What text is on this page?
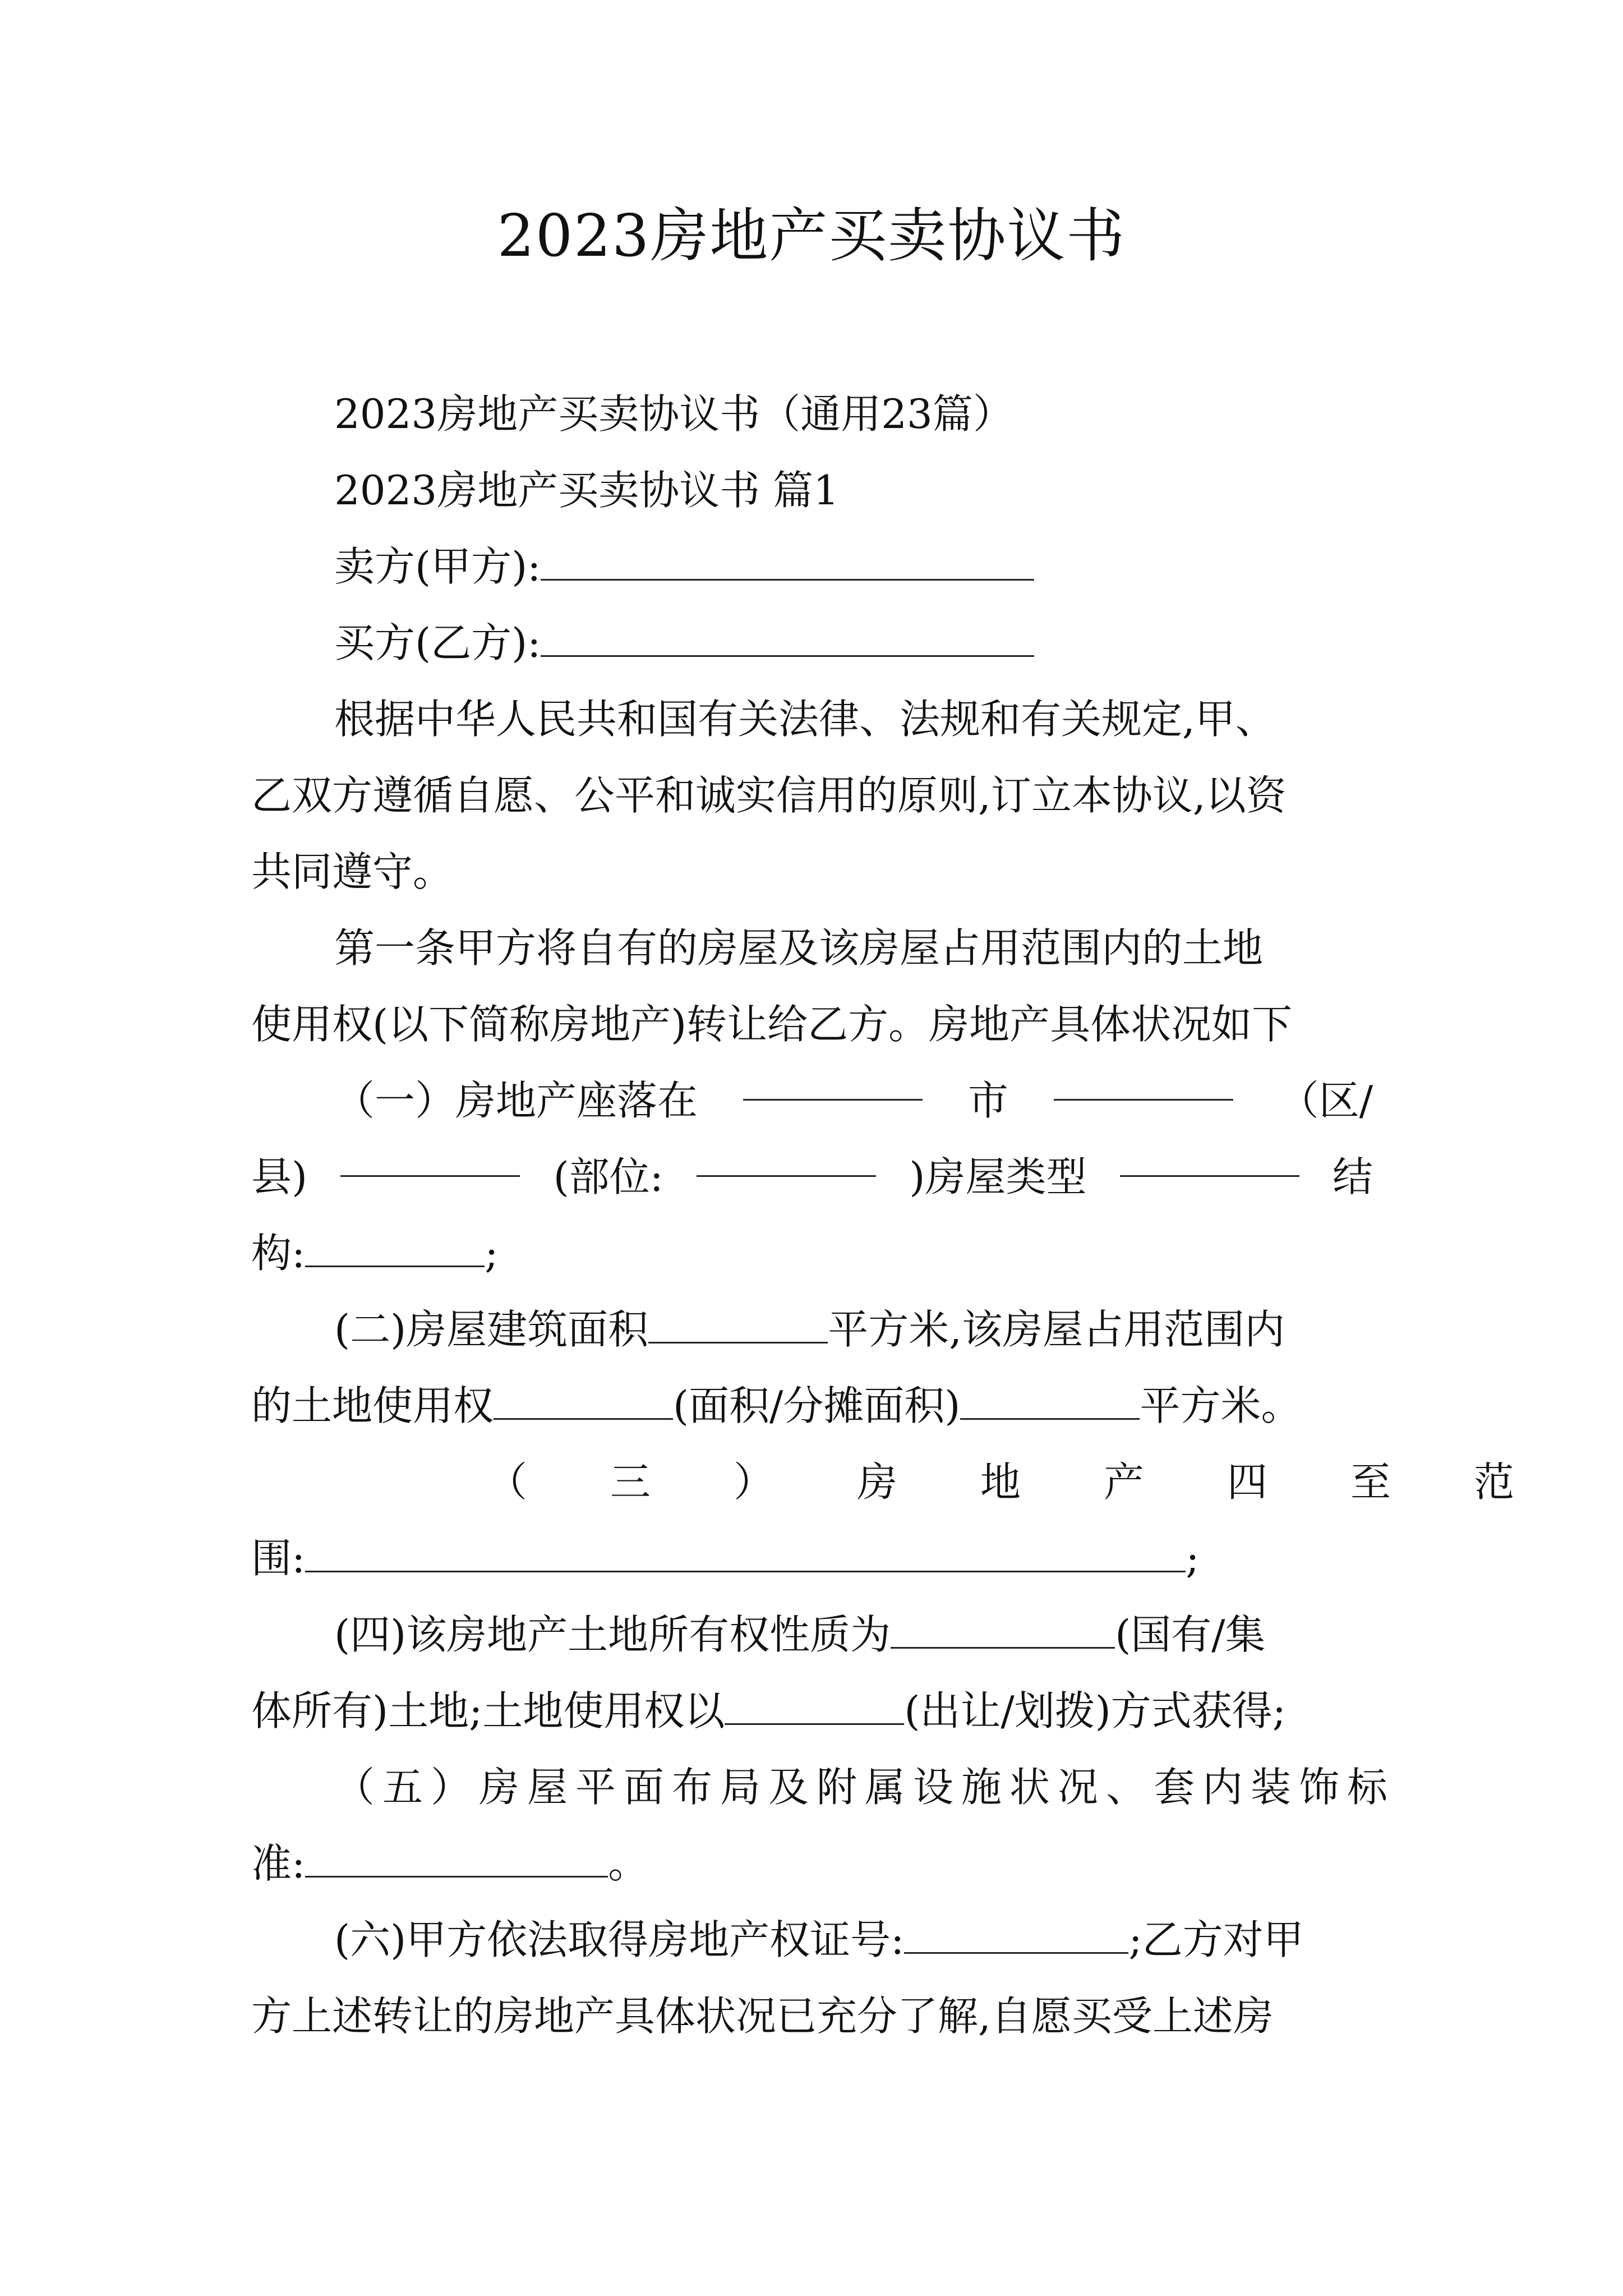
2023房地产买卖协议书

2023房地产买卖协议书（通用23篇）

2023房地产买卖协议书 篇1

卖方(甲方):

买方(乙方):

根据中华人民共和国有关法律、法规和有关规定,甲、

乙双方遵循自愿、公平和诚实信用的原则,订立本协议,以资

共同遵守。

第一条甲方将自有的房屋及该房屋占用范围内的土地

使用权(以下简称房地产)转让给乙方。房地产具体状况如下

（一）房地产座落在	市	（区/

县)	(部位:	)房屋类型	结

构:	;

(二)房屋建筑面积	平方米,该房屋占用范围内

的土地使用权	(面积/分摊面积)	平方米。

（三）房地产四至范

围:	;

(四)该房地产土地所有权性质为	(国有/集

体所有)土地;土地使用权以	(出让/划拨)方式获得;

（五）房屋平面布局及附属设施状况、套内装饰标

准:	。

(六)甲方依法取得房地产权证号:	;乙方对甲

方上述转让的房地产具体状况已充分了解,自愿买受上述房
